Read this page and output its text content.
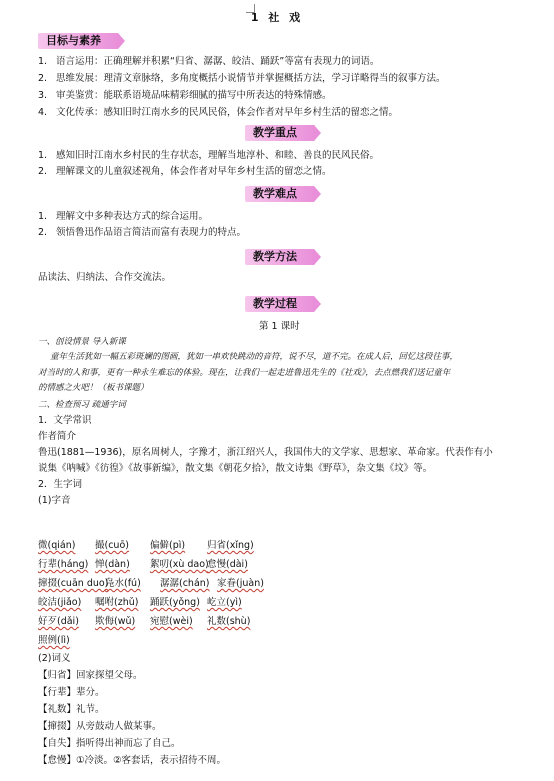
1 社 戏
目标与素养
1. 语言运用：正确理解并积累“归省、潺潺、皎洁、踊跃”等富有表现力的词语。
2. 思维发展：理清文章脉络，多角度概括小说情节并掌握概括方法，学习详略得当的叙事方法。
3. 审美鉴赏：能联系语境品味精彩细腻的描写中所表达的特殊情感。
4. 文化传承：感知旧时江南水乡的民风民俗，体会作者对早年乡村生活的留恋之情。
教学重点
1. 感知旧时江南水乡村民的生存状态，理解当地淳朴、和睦、善良的民风民俗。
2. 理解课文的儿童叙述视角，体会作者对早年乡村生活的留恋之情。
教学难点
1. 理解文中多种表达方式的综合运用。
2. 领悟鲁迅作品语言简洁而富有表现力的特点。
教学方法
品读法、归纳法、合作交流法。
教学过程
第 1 课时
一、创设情景 导入新课
童年生活犹如一幅五彩斑斓的图画，犹如一串欢快跳动的音符，说不尽，道不完。在成人后，回忆这段往事，
对当时的人和事，更有一种永生难忘的体验。现在，让我们一起走进鲁迅先生的《社戏》，去点燃我们送记童年
的情感之火吧！（板书课题）
二、检查预习 疏通字词
1．文学常识
作者简介
鲁迅(1881—1936)，原名周树人，字豫才，浙江绍兴人，我国伟大的文学家、思想家、革命家。代表作有小
说集《呐喊》《彷徨》《故事新编》，散文集《朝花夕拾》，散文诗集《野草》，杂文集《坟》等。
2．生字词
(1)字音
微(qián) 撮(cuō) 偏僻(pì) 归省(xǐng)
行辈(háng) 惮(dàn) 絮叨(xù dao)
怠慢(dài)
撺掇(cuān duo)
凫水(fú) 潺潺(chán) 家眷(juàn)
皎洁(jiǎo) 嘱咐(zhǔ) 踊跃(yǒng) 屹立(yì)
好歹(dǎi) 欺侮(wǔ) 宛慰(wèi) 礼数(shù)
照例(lì)
(2)词义
【归省】回家探望父母。
【行辈】辈分。
【礼数】礼节。
【撺掇】从旁鼓动人做某事。
【自失】指听得出神而忘了自己。
【怠慢】①冷淡。②客套话，表示招待不周。
